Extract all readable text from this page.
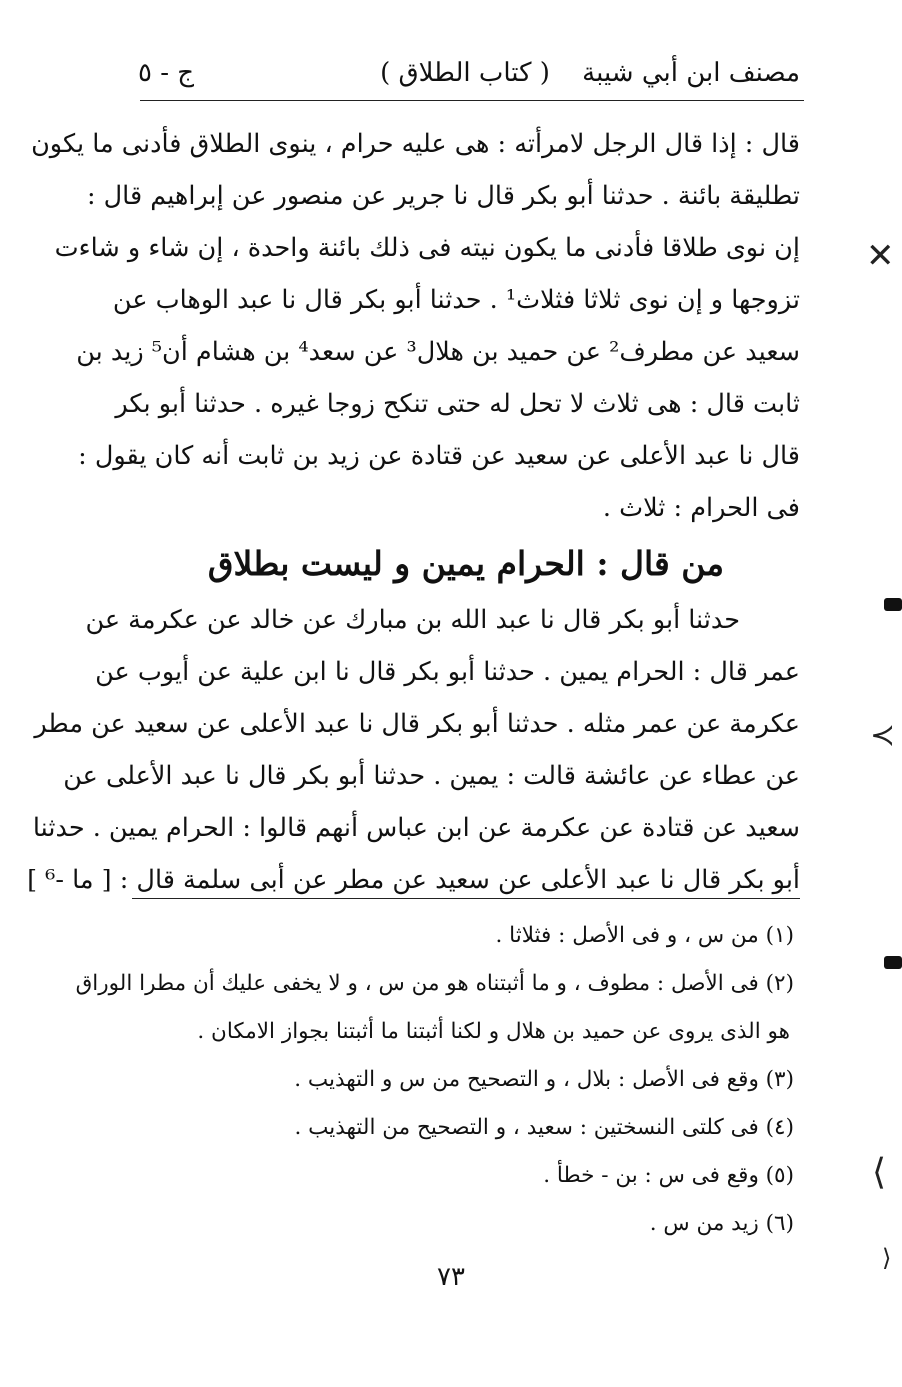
مصنف ابن أبي شيبة
( كتاب الطلاق )
ج - ٥
قال : إذا قال الرجل لامرأته : هى عليه حرام ، ينوى الطلاق فأدنى ما يكون
تطليقة بائنة . حدثنا أبو بكر قال نا جرير عن منصور عن إبراهيم قال :
إن نوى طلاقا فأدنى ما يكون نيته فى ذلك بائنة واحدة ، إن شاء و شاءت
تزوجها و إن نوى ثلاثا فثلاث¹ . حدثنا أبو بكر قال نا عبد الوهاب عن
سعيد عن مطرف² عن حميد بن هلال³ عن سعد⁴ بن هشام أن⁵ زيد بن
ثابت قال : هى ثلاث لا تحل له حتى تنكح زوجا غيره . حدثنا أبو بكر
قال نا عبد الأعلى عن سعيد عن قتادة عن زيد بن ثابت أنه كان يقول :
فى الحرام : ثلاث .
من قال : الحرام يمين و ليست بطلاق
حدثنا أبو بكر قال نا عبد الله بن مبارك عن خالد عن عكرمة عن
عمر قال : الحرام يمين . حدثنا أبو بكر قال نا ابن علية عن أيوب عن
عكرمة عن عمر مثله . حدثنا أبو بكر قال نا عبد الأعلى عن سعيد عن مطر
عن عطاء عن عائشة قالت : يمين . حدثنا أبو بكر قال نا عبد الأعلى عن
سعيد عن قتادة عن عكرمة عن ابن عباس أنهم قالوا : الحرام يمين . حدثنا
أبو بكر قال نا عبد الأعلى عن سعيد عن مطر عن أبى سلمة قال : [ ما -⁶ ]
(١) من س ، و فى الأصل : فثلاثا .
(٢) فى الأصل : مطوف ، و ما أثبتناه هو من س ، و لا يخفى عليك أن مطرا الوراق
هو الذى يروى عن حميد بن هلال و لكنا أثبتنا ما أثبتنا بجواز الامكان .
(٣) وقع فى الأصل : بلال ، و التصحيح من س و التهذيب .
(٤) فى كلتى النسختين : سعيد ، و التصحيح من التهذيب .
(٥) وقع فى س : بن - خطأ .
(٦) زيد من س .
٧٣
✕
≺
⟨
⟩
